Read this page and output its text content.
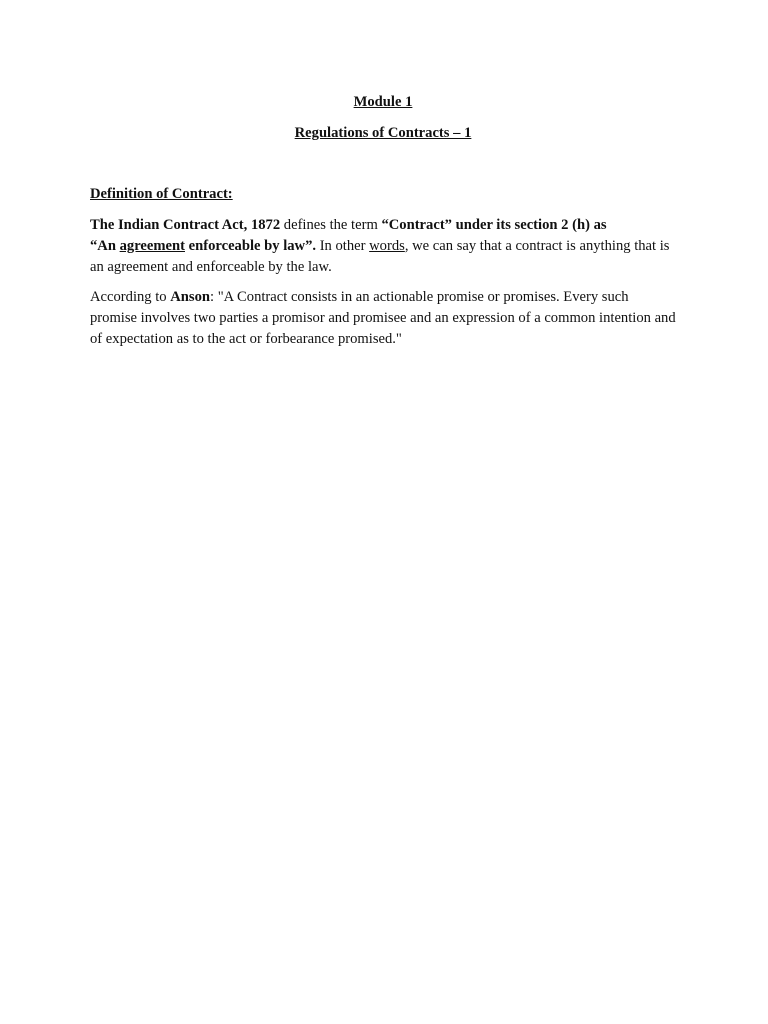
Module 1

Regulations of Contracts – 1

Definition of Contract:

The Indian Contract Act, 1872 defines the term “Contract” under its section 2 (h) as
“An agreement enforceable by law”. In other words, we can say that a contract is anything that is an agreement and enforceable by the law.

According to Anson: "A Contract consists in an actionable promise or promises. Every such promise involves two parties a promisor and promisee and an expression of a common intention and of expectation as to the act or forbearance promised."
